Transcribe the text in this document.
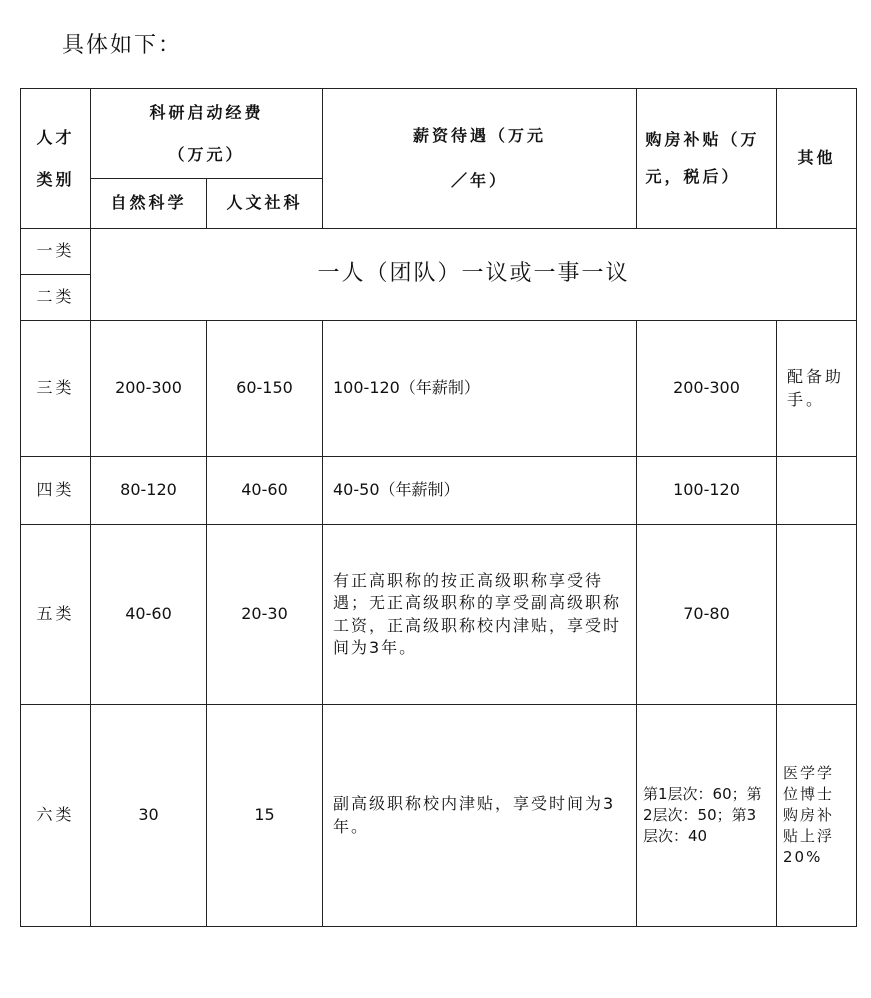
具体如下：
人才类别	科研启动经费（万元）		薪资待遇（万元／年）	购房补贴（万元，税后）	其他
	自然科学	人文社科			
一类	一人（团队）一议或一事一议				
二类					
三类	200-300	60-150	100-120（年薪制）	200-300	配备助手。
四类	80-120	40-60	40-50（年薪制）	100-120	
五类	40-60	20-30	有正高职称的按正高级职称享受待遇；无正高级职称的享受副高级职称工资，正高级职称校内津贴，享受时间为3年。	70-80	
六类	30	15	副高级职称校内津贴，享受时间为3年。	第1层次：60；第2层次：50；第3层次：40	医学学位博士购房补贴上浮20%
